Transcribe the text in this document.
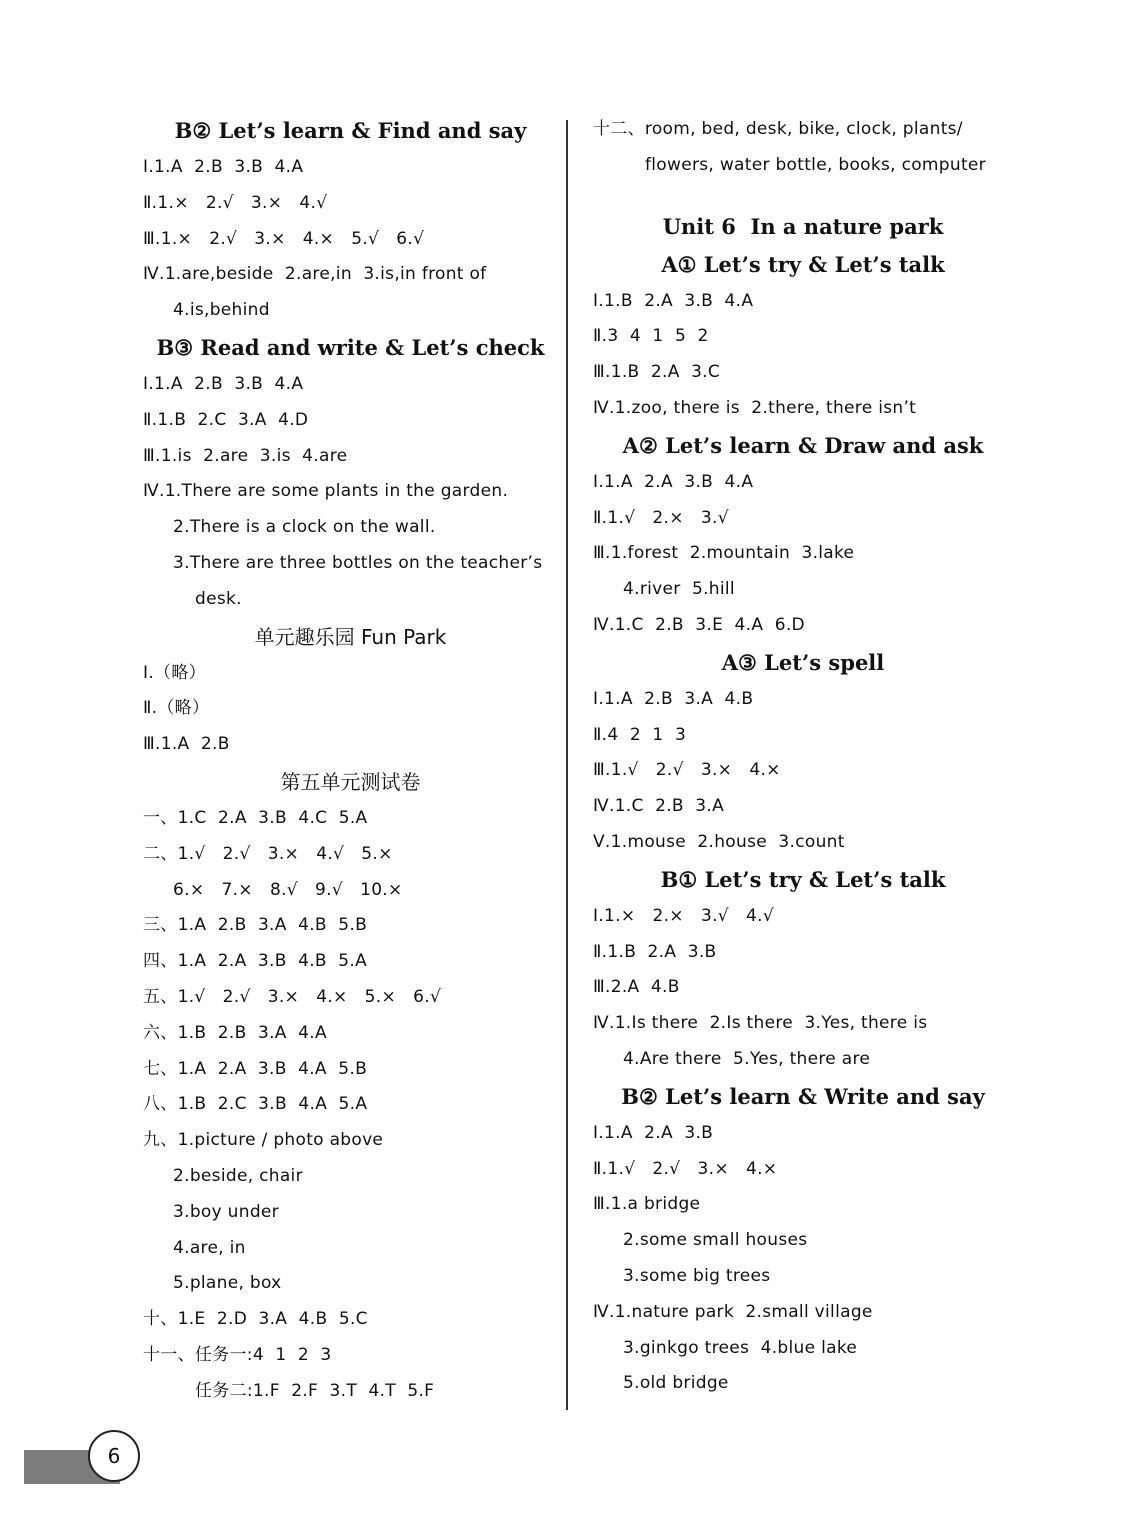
B② Let’s learn & Find and say
Ⅰ.1.A  2.B  3.B  4.A
Ⅱ.1.×   2.√   3.×   4.√
Ⅲ.1.×   2.√   3.×   4.×   5.√   6.√
Ⅳ.1.are,beside  2.are,in  3.is,in front of
4.is,behind
B③ Read and write & Let’s check
Ⅰ.1.A  2.B  3.B  4.A
Ⅱ.1.B  2.C  3.A  4.D
Ⅲ.1.is  2.are  3.is  4.are
Ⅳ.1.There are some plants in the garden.
2.There is a clock on the wall.
3.There are three bottles on the teacher’s
desk.
单元趣乐园 Fun Park
Ⅰ.（略）
Ⅱ.（略）
Ⅲ.1.A  2.B
第五单元测试卷
一、1.C  2.A  3.B  4.C  5.A
二、1.√   2.√   3.×   4.√   5.×
6.×   7.×   8.√   9.√   10.×
三、1.A  2.B  3.A  4.B  5.B
四、1.A  2.A  3.B  4.B  5.A
五、1.√   2.√   3.×   4.×   5.×   6.√
六、1.B  2.B  3.A  4.A
七、1.A  2.A  3.B  4.A  5.B
八、1.B  2.C  3.B  4.A  5.A
九、1.picture / photo above
2.beside, chair
3.boy under
4.are, in
5.plane, box
十、1.E  2.D  3.A  4.B  5.C
十一、任务一:4  1  2  3
任务二:1.F  2.F  3.T  4.T  5.F
十二、room, bed, desk, bike, clock, plants/
flowers, water bottle, books, computer
Unit 6  In a nature park
A① Let’s try & Let’s talk
Ⅰ.1.B  2.A  3.B  4.A
Ⅱ.3  4  1  5  2
Ⅲ.1.B  2.A  3.C
Ⅳ.1.zoo, there is  2.there, there isn’t
A② Let’s learn & Draw and ask
Ⅰ.1.A  2.A  3.B  4.A
Ⅱ.1.√   2.×   3.√
Ⅲ.1.forest  2.mountain  3.lake
4.river  5.hill
Ⅳ.1.C  2.B  3.E  4.A  6.D
A③ Let’s spell
Ⅰ.1.A  2.B  3.A  4.B
Ⅱ.4  2  1  3
Ⅲ.1.√   2.√   3.×   4.×
Ⅳ.1.C  2.B  3.A
Ⅴ.1.mouse  2.house  3.count
B① Let’s try & Let’s talk
Ⅰ.1.×   2.×   3.√   4.√
Ⅱ.1.B  2.A  3.B
Ⅲ.2.A  4.B
Ⅳ.1.Is there  2.Is there  3.Yes, there is
4.Are there  5.Yes, there are
B② Let’s learn & Write and say
Ⅰ.1.A  2.A  3.B
Ⅱ.1.√   2.√   3.×   4.×
Ⅲ.1.a bridge
2.some small houses
3.some big trees
Ⅳ.1.nature park  2.small village
3.ginkgo trees  4.blue lake
5.old bridge
6
